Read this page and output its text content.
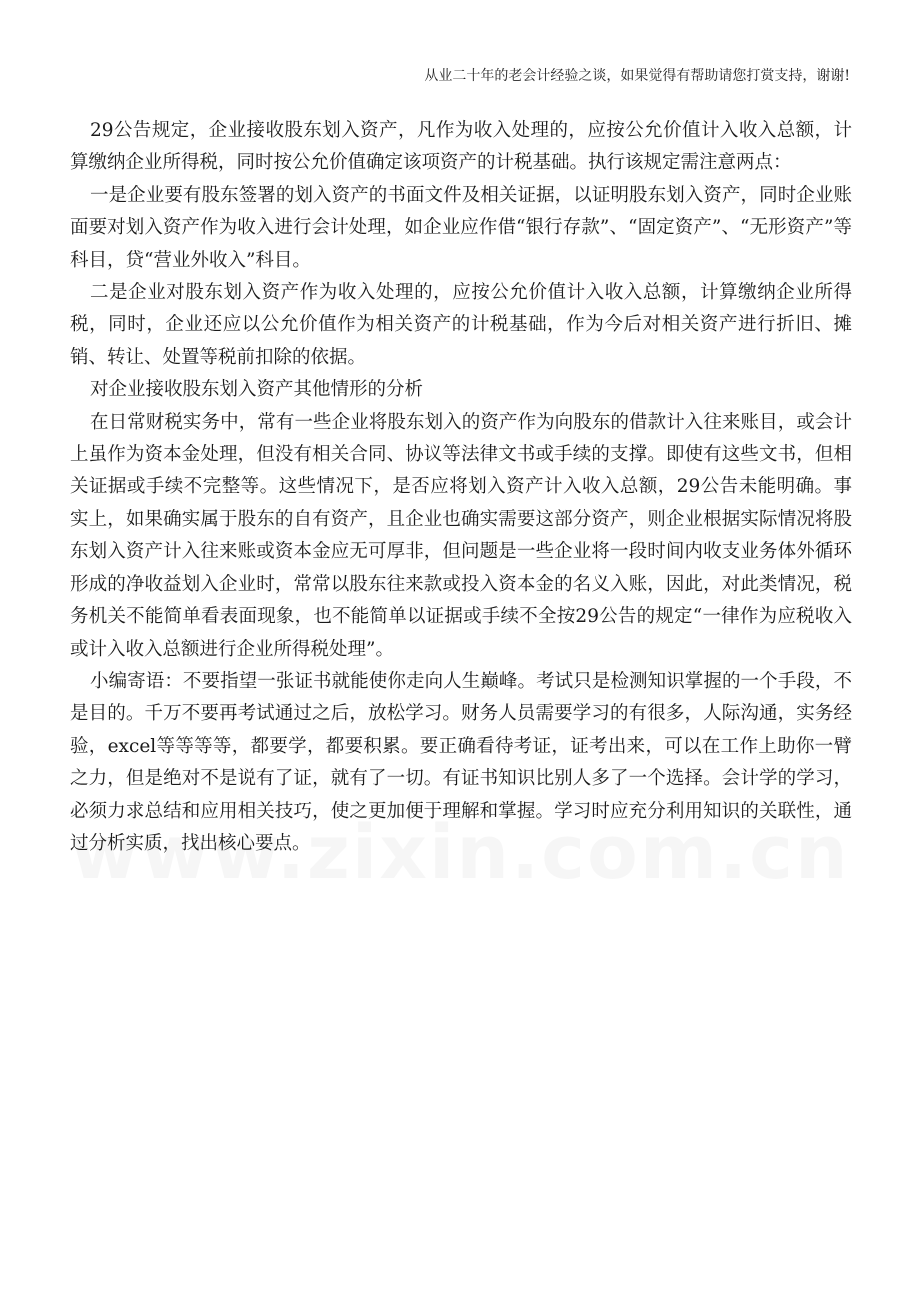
从业二十年的老会计经验之谈，如果觉得有帮助请您打赏支持，谢谢!

29公告规定，企业接收股东划入资产，凡作为收入处理的，应按公允价值计入收入总额，计算缴纳企业所得税，同时按公允价值确定该项资产的计税基础。执行该规定需注意两点：

一是企业要有股东签署的划入资产的书面文件及相关证据，以证明股东划入资产，同时企业账面要对划入资产作为收入进行会计处理，如企业应作借“银行存款”、“固定资产”、“无形资产”等科目，贷“营业外收入”科目。

二是企业对股东划入资产作为收入处理的，应按公允价值计入收入总额，计算缴纳企业所得税，同时，企业还应以公允价值作为相关资产的计税基础，作为今后对相关资产进行折旧、摊销、转让、处置等税前扣除的依据。

对企业接收股东划入资产其他情形的分析

在日常财税实务中，常有一些企业将股东划入的资产作为向股东的借款计入往来账目，或会计上虽作为资本金处理，但没有相关合同、协议等法律文书或手续的支撑。即使有这些文书，但相关证据或手续不完整等。这些情况下，是否应将划入资产计入收入总额，29公告未能明确。事实上，如果确实属于股东的自有资产，且企业也确实需要这部分资产，则企业根据实际情况将股东划入资产计入往来账或资本金应无可厚非，但问题是一些企业将一段时间内收支业务体外循环形成的净收益划入企业时，常常以股东往来款或投入资本金的名义入账，因此，对此类情况，税务机关不能简单看表面现象，也不能简单以证据或手续不全按29公告的规定“一律作为应税收入或计入收入总额进行企业所得税处理”。

小编寄语：不要指望一张证书就能使你走向人生巅峰。考试只是检测知识掌握的一个手段，不是目的。千万不要再考试通过之后，放松学习。财务人员需要学习的有很多，人际沟通，实务经验，excel等等等等，都要学，都要积累。要正确看待考证，证考出来，可以在工作上助你一臂之力，但是绝对不是说有了证，就有了一切。有证书知识比别人多了一个选择。会计学的学习，必须力求总结和应用相关技巧，使之更加便于理解和掌握。学习时应充分利用知识的关联性，通过分析实质，找出核心要点。
